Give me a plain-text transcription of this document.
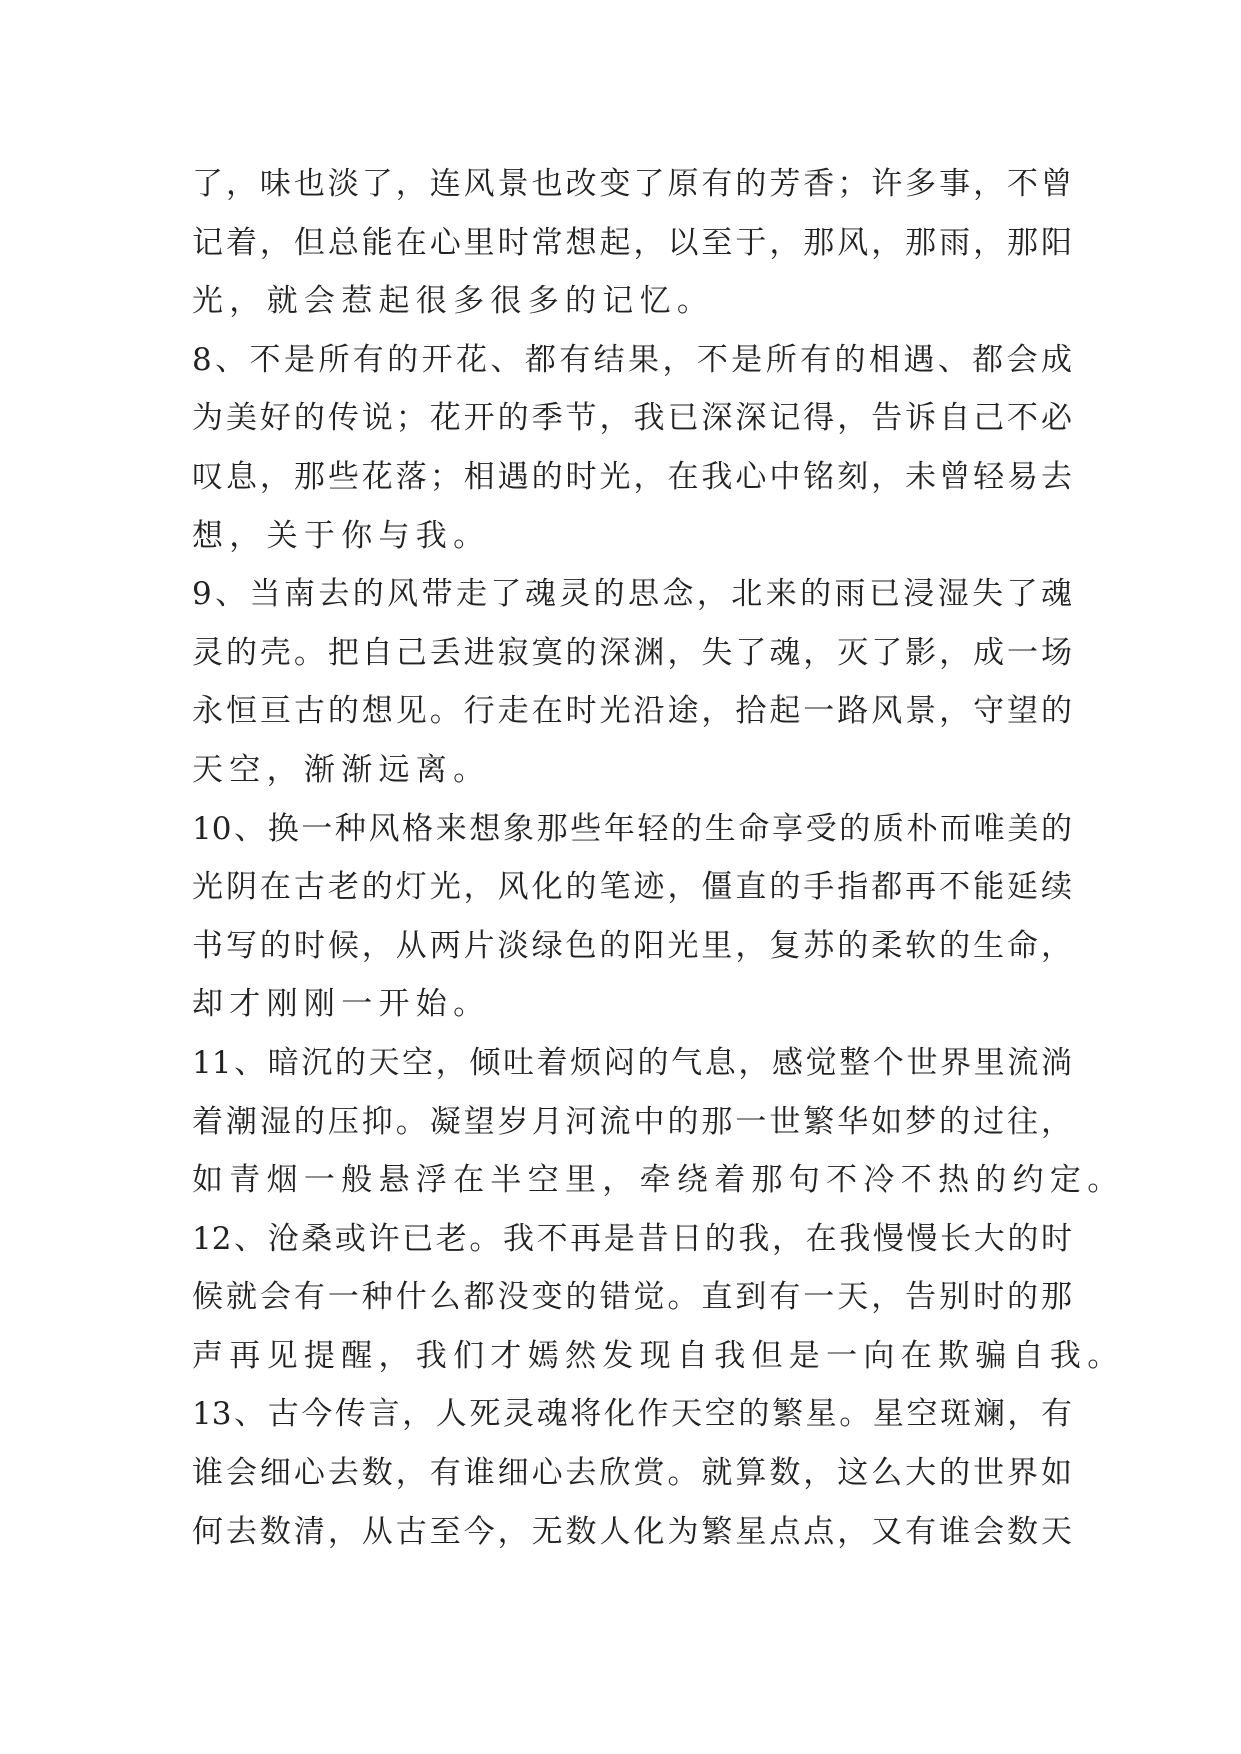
了，味也淡了，连风景也改变了原有的芳香；许多事，不曾
记着，但总能在心里时常想起，以至于，那风，那雨，那阳
光，就会惹起很多很多的记忆。
8、不是所有的开花、都有结果，不是所有的相遇、都会成
为美好的传说；花开的季节，我已深深记得，告诉自己不必
叹息，那些花落；相遇的时光，在我心中铭刻，未曾轻易去
想，关于你与我。
9、当南去的风带走了魂灵的思念，北来的雨已浸湿失了魂
灵的壳。把自己丢进寂寞的深渊，失了魂，灭了影，成一场
永恒亘古的想见。行走在时光沿途，拾起一路风景，守望的
天空，渐渐远离。
10、换一种风格来想象那些年轻的生命享受的质朴而唯美的
光阴在古老的灯光，风化的笔迹，僵直的手指都再不能延续
书写的时候，从两片淡绿色的阳光里，复苏的柔软的生命，
却才刚刚一开始。
11、暗沉的天空，倾吐着烦闷的气息，感觉整个世界里流淌
着潮湿的压抑。凝望岁月河流中的那一世繁华如梦的过往，
如青烟一般悬浮在半空里，牵绕着那句不冷不热的约定。
12、沧桑或许已老。我不再是昔日的我，在我慢慢长大的时
候就会有一种什么都没变的错觉。直到有一天，告别时的那
声再见提醒，我们才嫣然发现自我但是一向在欺骗自我。
13、古今传言，人死灵魂将化作天空的繁星。星空斑斓，有
谁会细心去数，有谁细心去欣赏。就算数，这么大的世界如
何去数清，从古至今，无数人化为繁星点点，又有谁会数天
